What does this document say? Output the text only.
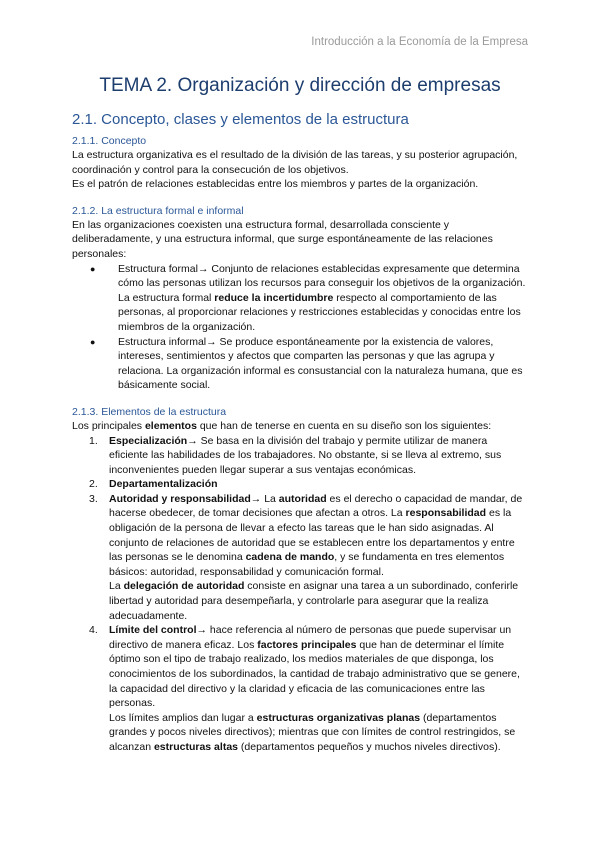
Introducción a la Economía de la Empresa
TEMA 2. Organización y dirección de empresas
2.1. Concepto, clases y elementos de la estructura
2.1.1. Concepto

La estructura organizativa es el resultado de la división de las tareas, y su posterior agrupación, coordinación y control para la consecución de los objetivos.

Es el patrón de relaciones establecidas entre los miembros y partes de la organización.

2.1.2. La estructura formal e informal

En las organizaciones coexisten una estructura formal, desarrollada consciente y deliberadamente, y una estructura informal, que surge espontáneamente de las relaciones personales:

● Estructura formal→ Conjunto de relaciones establecidas expresamente que determina cómo las personas utilizan los recursos para conseguir los objetivos de la organización. La estructura formal reduce la incertidumbre respecto al comportamiento de las personas, al proporcionar relaciones y restricciones establecidas y conocidas entre los miembros de la organización.
● Estructura informal→ Se produce espontáneamente por la existencia de valores, intereses, sentimientos y afectos que comparten las personas y que las agrupa y relaciona. La organización informal es consustancial con la naturaleza humana, que es básicamente social.
2.1.3. Elementos de la estructura

Los principales elementos que han de tenerse en cuenta en su diseño son los siguientes:

1. Especialización→ Se basa en la división del trabajo y permite utilizar de manera eficiente las habilidades de los trabajadores. No obstante, si se lleva al extremo, sus inconvenientes pueden llegar superar a sus ventajas económicas.
2. Departamentalización
3. Autoridad y responsabilidad→ La autoridad es el derecho o capacidad de mandar, de hacerse obedecer, de tomar decisiones que afectan a otros. La responsabilidad es la obligación de la persona de llevar a efecto las tareas que le han sido asignadas. Al conjunto de relaciones de autoridad que se establecen entre los departamentos y entre las personas se le denomina cadena de mando, y se fundamenta en tres elementos básicos: autoridad, responsabilidad y comunicación formal.
La delegación de autoridad consiste en asignar una tarea a un subordinado, conferirle libertad y autoridad para desempeñarla, y controlarle para asegurar que la realiza adecuadamente.
4. Límite del control→ hace referencia al número de personas que puede supervisar un directivo de manera eficaz. Los factores principales que han de determinar el límite óptimo son el tipo de trabajo realizado, los medios materiales de que disponga, los conocimientos de los subordinados, la cantidad de trabajo administrativo que se genere, la capacidad del directivo y la claridad y eficacia de las comunicaciones entre las personas.
Los límites amplios dan lugar a estructuras organizativas planas (departamentos grandes y pocos niveles directivos); mientras que con límites de control restringidos, se alcanzan estructuras altas (departamentos pequeños y muchos niveles directivos).
